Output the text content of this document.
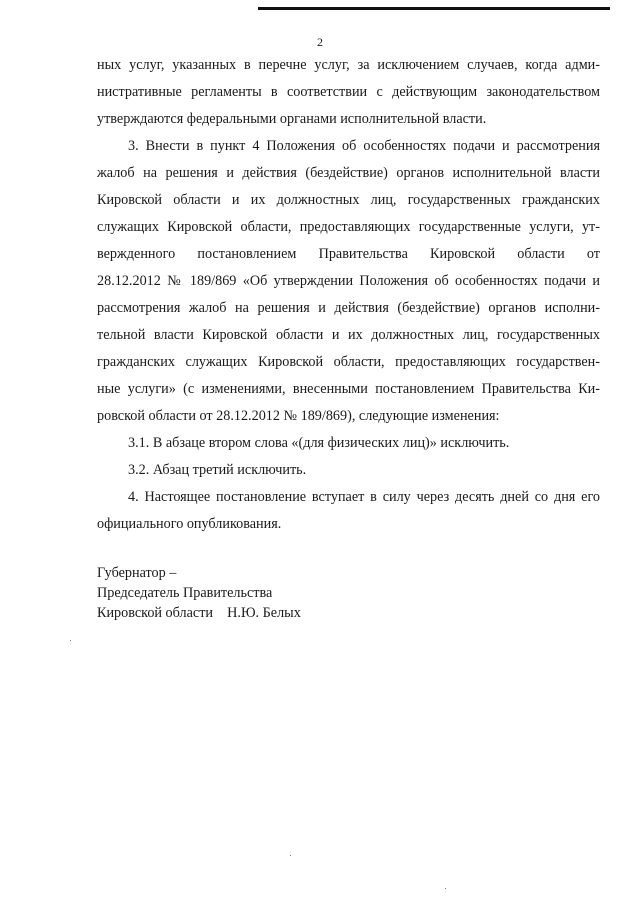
2

ных услуг, указанных в перечне услуг, за исключением случаев, когда адми-
нистративные регламенты в соответствии с действующим законодательством
утверждаются федеральными органами исполнительной власти.

3. Внести в пункт 4 Положения об особенностях подачи и рассмотрения
жалоб на решения и действия (бездействие) органов исполнительной власти
Кировской области и их должностных лиц, государственных гражданских
служащих Кировской области, предоставляющих государственные услуги, ут-
вержденного постановлением Правительства Кировской области от
28.12.2012 № 189/869 «Об утверждении Положения об особенностях подачи и
рассмотрения жалоб на решения и действия (бездействие) органов исполни-
тельной власти Кировской области и их должностных лиц, государственных
гражданских служащих Кировской области, предоставляющих государствен-
ные услуги» (с изменениями, внесенными постановлением Правительства Ки-
ровской области от 28.12.2012 № 189/869), следующие изменения:

3.1. В абзаце втором слова «(для физических лиц)» исключить.

3.2. Абзац третий исключить.

4. Настоящее постановление вступает в силу через десять дней со дня его
официального опубликования.

Губернатор –
Председатель Правительства
Кировской области    Н.Ю. Белых
